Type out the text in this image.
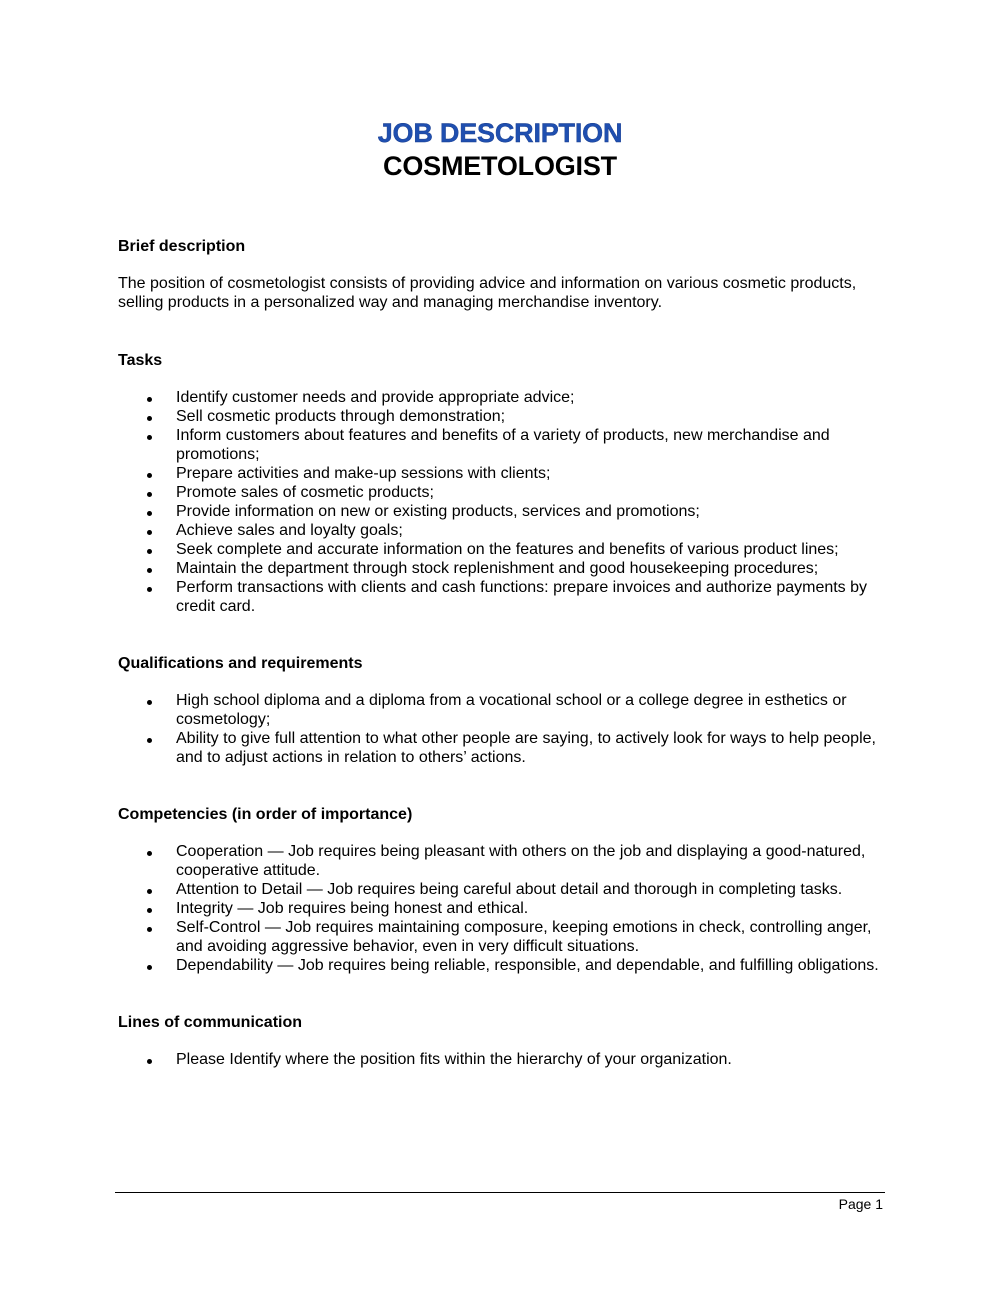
JOB DESCRIPTION
COSMETOLOGIST
Brief description
The position of cosmetologist consists of providing advice and information on various cosmetic products, selling products in a personalized way and managing merchandise inventory.
Tasks
Identify customer needs and provide appropriate advice;
Sell cosmetic products through demonstration;
Inform customers about features and benefits of a variety of products, new merchandise and promotions;
Prepare activities and make-up sessions with clients;
Promote sales of cosmetic products;
Provide information on new or existing products, services and promotions;
Achieve sales and loyalty goals;
Seek complete and accurate information on the features and benefits of various product lines;
Maintain the department through stock replenishment and good housekeeping procedures;
Perform transactions with clients and cash functions: prepare invoices and authorize payments by credit card.
Qualifications and requirements
High school diploma and a diploma from a vocational school or a college degree in esthetics or cosmetology;
Ability to give full attention to what other people are saying, to actively look for ways to help people, and to adjust actions in relation to others’ actions.
Competencies (in order of importance)
Cooperation — Job requires being pleasant with others on the job and displaying a good-natured, cooperative attitude.
Attention to Detail — Job requires being careful about detail and thorough in completing tasks.
Integrity — Job requires being honest and ethical.
Self-Control — Job requires maintaining composure, keeping emotions in check, controlling anger, and avoiding aggressive behavior, even in very difficult situations.
Dependability — Job requires being reliable, responsible, and dependable, and fulfilling obligations.
Lines of communication
Please Identify where the position fits within the hierarchy of your organization.
Page 1
